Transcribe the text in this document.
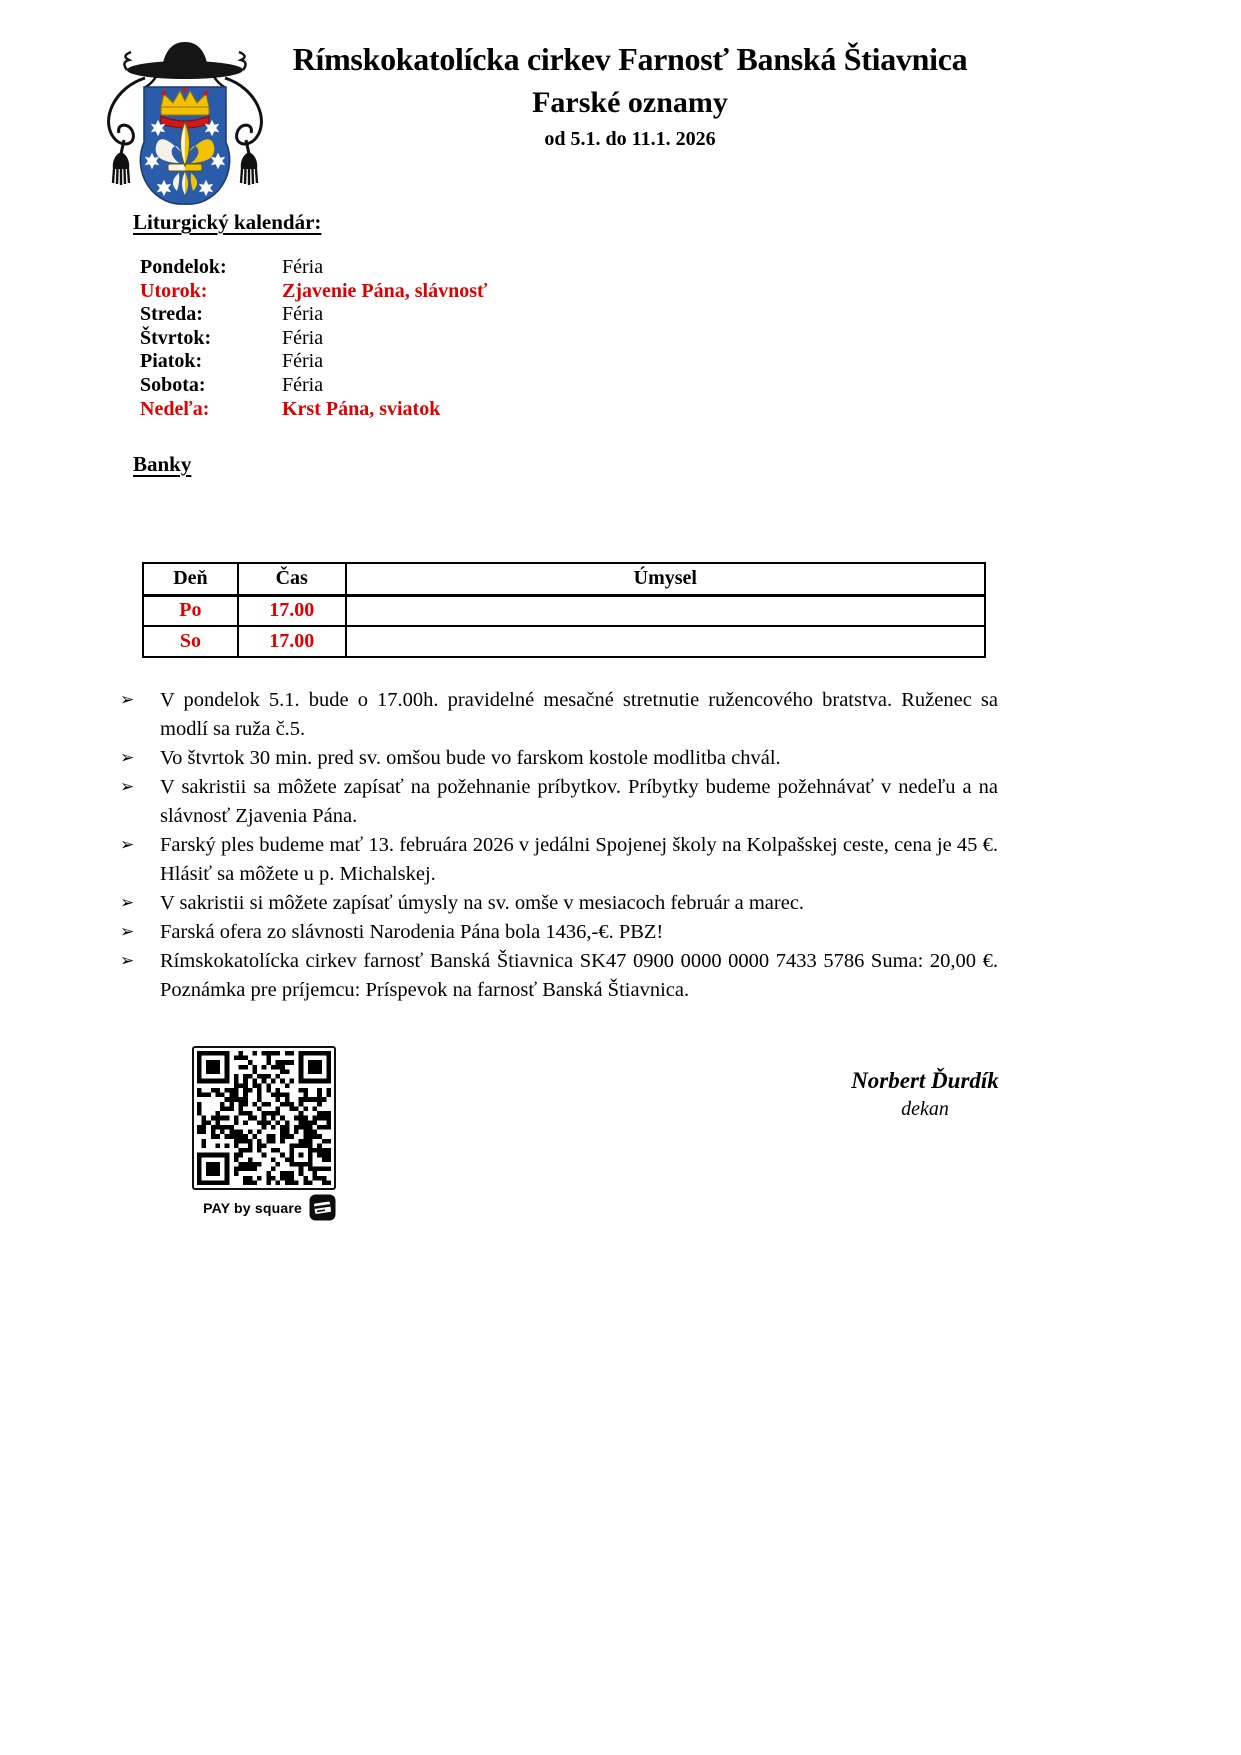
Rímskokatolícka cirkev Farnosť Banská Štiavnica
Farské oznamy
od 5.1. do 11.1. 2026
Liturgický kalendár:
Pondelok:	Féria
Utorok:	Zjavenie Pána, slávnosť
Streda:	Féria
Štvrtok:	Féria
Piatok:	Féria
Sobota:	Féria
Nedeľa:	Krst Pána, sviatok
Banky
Deň	Čas	Úmysel
Po	17.00	
So	17.00	
➢	V pondelok 5.1. bude o 17.00h. pravidelné mesačné stretnutie ružencového bratstva. Ruženec sa modlí sa ruža č.5.
➢	Vo štvrtok 30 min. pred sv. omšou bude vo farskom kostole modlitba chvál.
➢	V sakristii sa môžete zapísať na požehnanie príbytkov. Príbytky budeme požehnávať v nedeľu a na slávnosť Zjavenia Pána.
➢	Farský ples budeme mať 13. februára 2026 v jedálni Spojenej školy na Kolpašskej ceste, cena je 45 €. Hlásiť sa môžete u p. Michalskej.
➢	V sakristii si môžete zapísať úmysly na sv. omše v mesiacoch február a marec.
➢	Farská ofera zo slávnosti Narodenia Pána bola 1436,-€. PBZ!
➢	Rímskokatolícka cirkev farnosť Banská Štiavnica SK47 0900 0000 0000 7433 5786 Suma: 20,00 €. Poznámka pre príjemcu: Príspevok na farnosť Banská Štiavnica.
PAY by square
Norbert Ďurdík
dekan
